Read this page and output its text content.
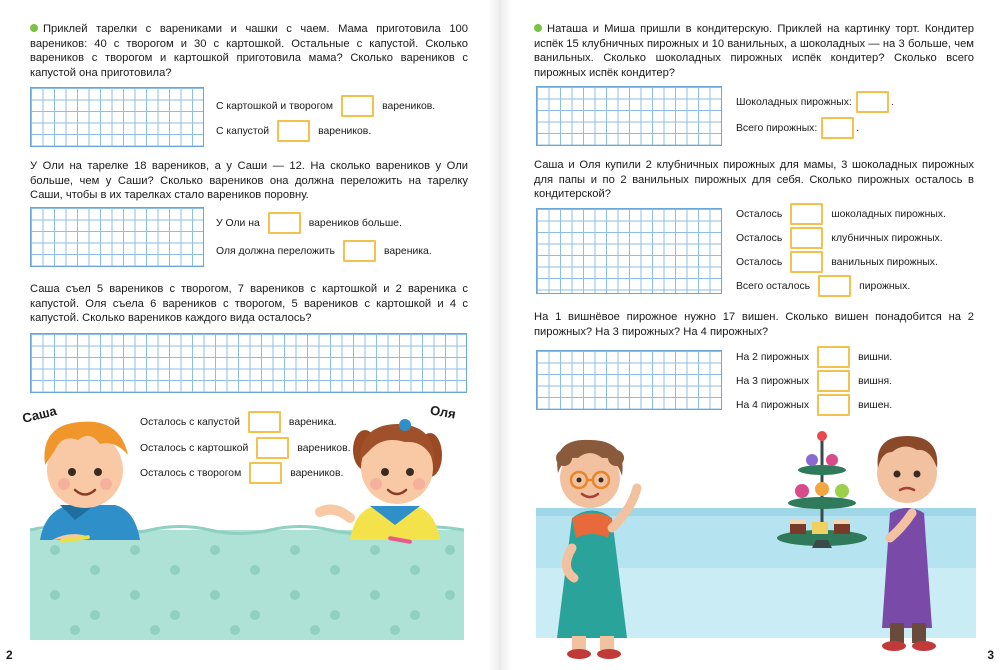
Приклей тарелки с варениками и чашки с чаем. Мама приготовила 100 вареников: 40 с творогом и 30 с картошкой. Остальные с капустой. Сколько вареников с творогом и картошкой приготовила мама? Сколько вареников с капустой она приготовила?

С картошкой и творогом	вареников.
С капустой	вареников.

У Оли на тарелке 18 вареников, а у Саши — 12. На сколько вареников у Оли больше, чем у Саши? Сколько вареников она должна переложить на тарелку Саши, чтобы в их тарелках стало вареников поровну.

У Оли на	вареников больше.
Оля должна переложить	вареника.

Саша съел 5 вареников с творогом, 7 вареников с картошкой и 2 вареника с капустой. Оля съела 6 вареников с творогом, 5 вареников с картошкой и 4 с капустой. Сколько вареников каждого вида осталось?

Саша	Оля
Осталось с капустой	вареника.
Осталось с картошкой	вареников.
Осталось с творогом	вареников.
2

Наташа и Миша пришли в кондитерскую. Приклей на картинку торт. Кондитер испёк 15 клубничных пирожных и 10 ванильных, а шоколадных — на 3 больше, чем ванильных. Сколько шоколадных пирожных испёк кондитер? Сколько всего пирожных испёк кондитер?

Шоколадных пирожных:	.
Всего пирожных:	.

Саша и Оля купили 2 клубничных пирожных для мамы, 3 шоколадных пирожных для папы и по 2 ванильных пирожных для себя. Сколько пирожных осталось в кондитерской?

Осталось	шоколадных пирожных.
Осталось	клубничных пирожных.
Осталось	ванильных пирожных.
Всего осталось	пирожных.

На 1 вишнёвое пирожное нужно 17 вишен. Сколько вишен понадобится на 2 пирожных? На 3 пирожных? На 4 пирожных?

На 2 пирожных	вишни.
На 3 пирожных	вишня.
На 4 пирожных	вишен.
3
